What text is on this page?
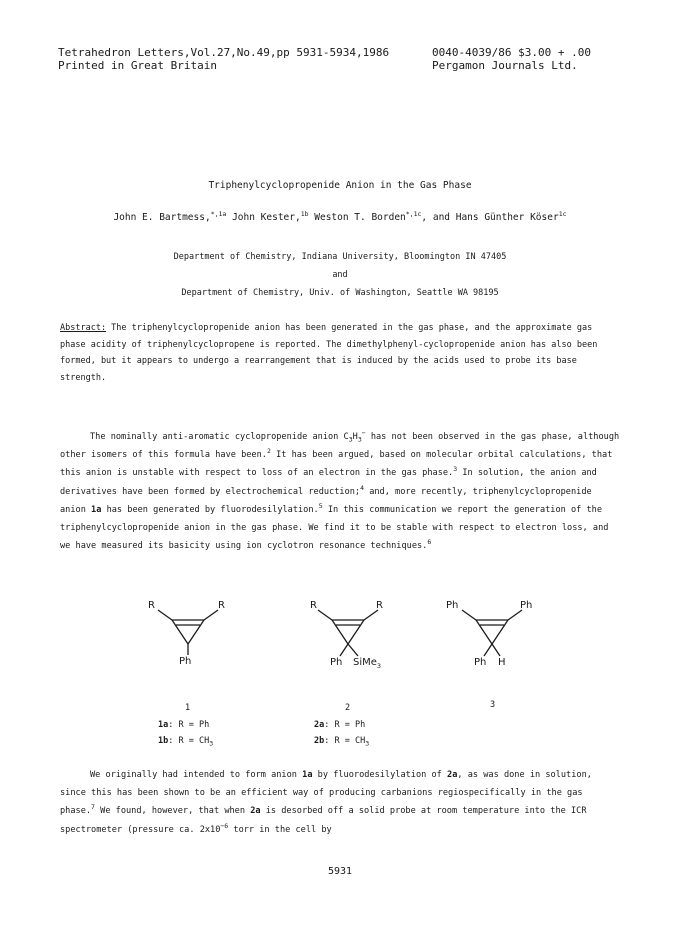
Tetrahedron Letters,Vol.27,No.49,pp 5931-5934,1986
Printed in Great Britain
0040-4039/86 $3.00 + .00
Pergamon Journals Ltd.
Triphenylcyclopropenide Anion in the Gas Phase
John E. Bartmess,$^{*,1a}$ John Kester,$^{1b}$ Weston T. Borden$^{*,1c}$, and Hans Günther Köser$^{1c}$
Department of Chemistry, Indiana University, Bloomington IN 47405
and
Department of Chemistry, Univ. of Washington, Seattle WA 98195
Abstract: The triphenylcyclopropenide anion has been generated in the gas phase, and the approximate gas phase acidity of triphenylcyclopropene is reported. The dimethylphenyl-cyclopropenide anion has also been formed, but it appears to undergo a rearrangement that is induced by the acids used to probe its base strength.
The nominally anti-aromatic cyclopropenide anion $C_3H_3^-$ has not been observed in the gas phase, although other isomers of this formula have been.$^2$ It has been argued, based on molecular orbital calculations, that this anion is unstable with respect to loss of an electron in the gas phase.$^3$ In solution, the anion and derivatives have been formed by electrochemical reduction;$^4$ and, more recently, triphenylcyclopropenide anion 1a has been generated by fluorodesilylation.$^5$ In this communication we report the generation of the triphenylcyclopropenide anion in the gas phase. We find it to be stable with respect to electron loss, and we have measured its basicity using ion cyclotron resonance techniques.$^6$
R	R
Ph
1
1a: R = Ph
1b: $R = CH_3$
R	R
Ph SiMe$_3$
2
2a: R = Ph
2b: $R = CH_3$
Ph	Ph
Ph H
3
We originally had intended to form anion 1a by fluorodesilylation of 2a, as was done in solution, since this has been shown to be an efficient way of producing carbanions regiospecifically in the gas phase.$^7$ We found, however, that when 2a is desorbed off a solid probe at room temperature into the ICR spectrometer (pressure ca. $2x10^{-6}$ torr in the cell by
5931
